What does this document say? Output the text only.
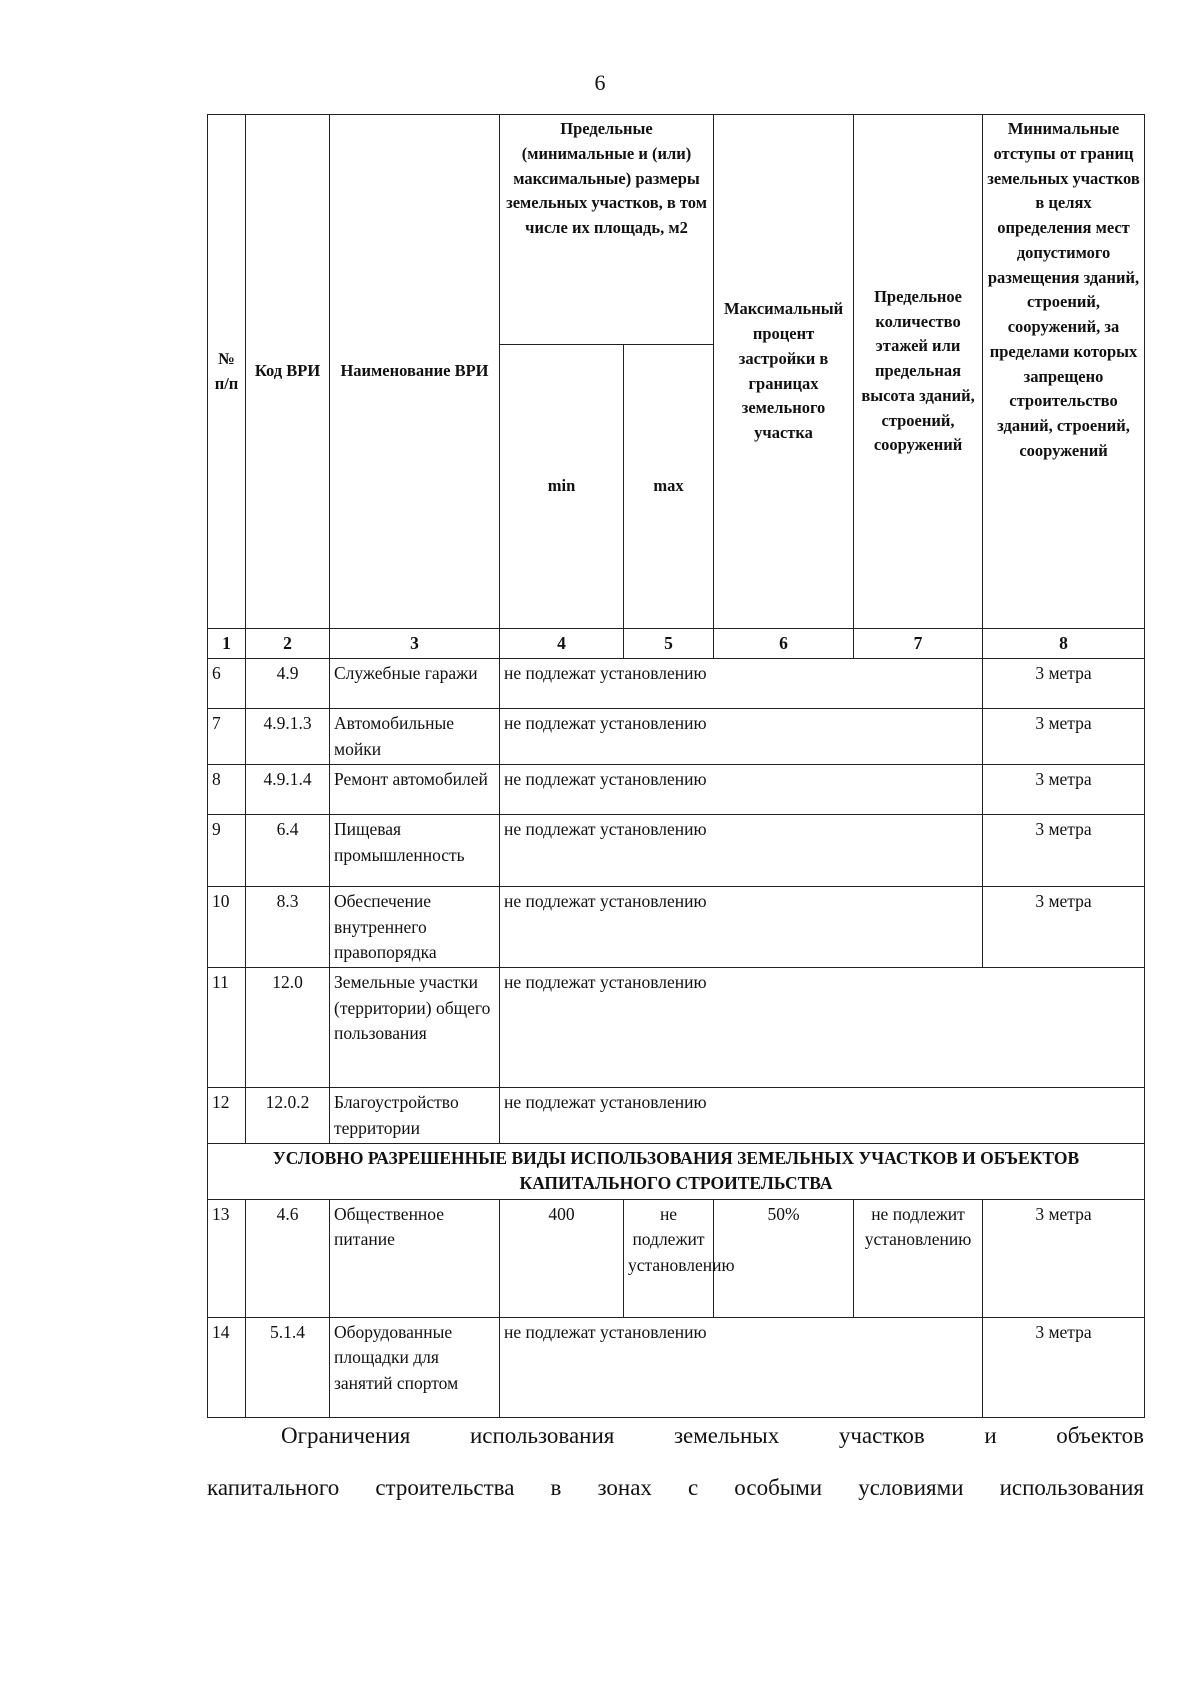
6
№ п/п	Код ВРИ	Наименование ВРИ	Предельные (минимальные и (или) максимальные) размеры земельных участков, в том числе их площадь, м2		Максимальный процент застройки в границах земельного участка	Предельное количество этажей или предельная высота зданий, строений, сооружений	Минимальные отступы от границ земельных участков в целях определения мест допустимого размещения зданий, строений, сооружений, за пределами которых запрещено строительство зданий, строений, сооружений
			min	max			
1	2	3	4	5	6	7	8
6	4.9	Служебные гаражи	не подлежат установлению				3 метра
7	4.9.1.3	Автомобильные мойки	не подлежат установлению				3 метра
8	4.9.1.4	Ремонт автомобилей	не подлежат установлению				3 метра
9	6.4	Пищевая промышленность	не подлежат установлению				3 метра
10	8.3	Обеспечение внутреннего правопорядка	не подлежат установлению				3 метра
11	12.0	Земельные участки (территории) общего пользования	не подлежат установлению				
12	12.0.2	Благоустройство территории	не подлежат установлению				
УСЛОВНО РАЗРЕШЕННЫЕ ВИДЫ ИСПОЛЬЗОВАНИЯ ЗЕМЕЛЬНЫХ УЧАСТКОВ И ОБЪЕКТОВ КАПИТАЛЬНОГО СТРОИТЕЛЬСТВА							
13	4.6	Общественное питание	400	не подлежит установлению	50%	не подлежит установлению	3 метра
14	5.1.4	Оборудованные площадки для занятий спортом	не подлежат установлению				3 метра
Ограничения использования земельных участков и объектов
капитального строительства в зонах с особыми условиями использования
